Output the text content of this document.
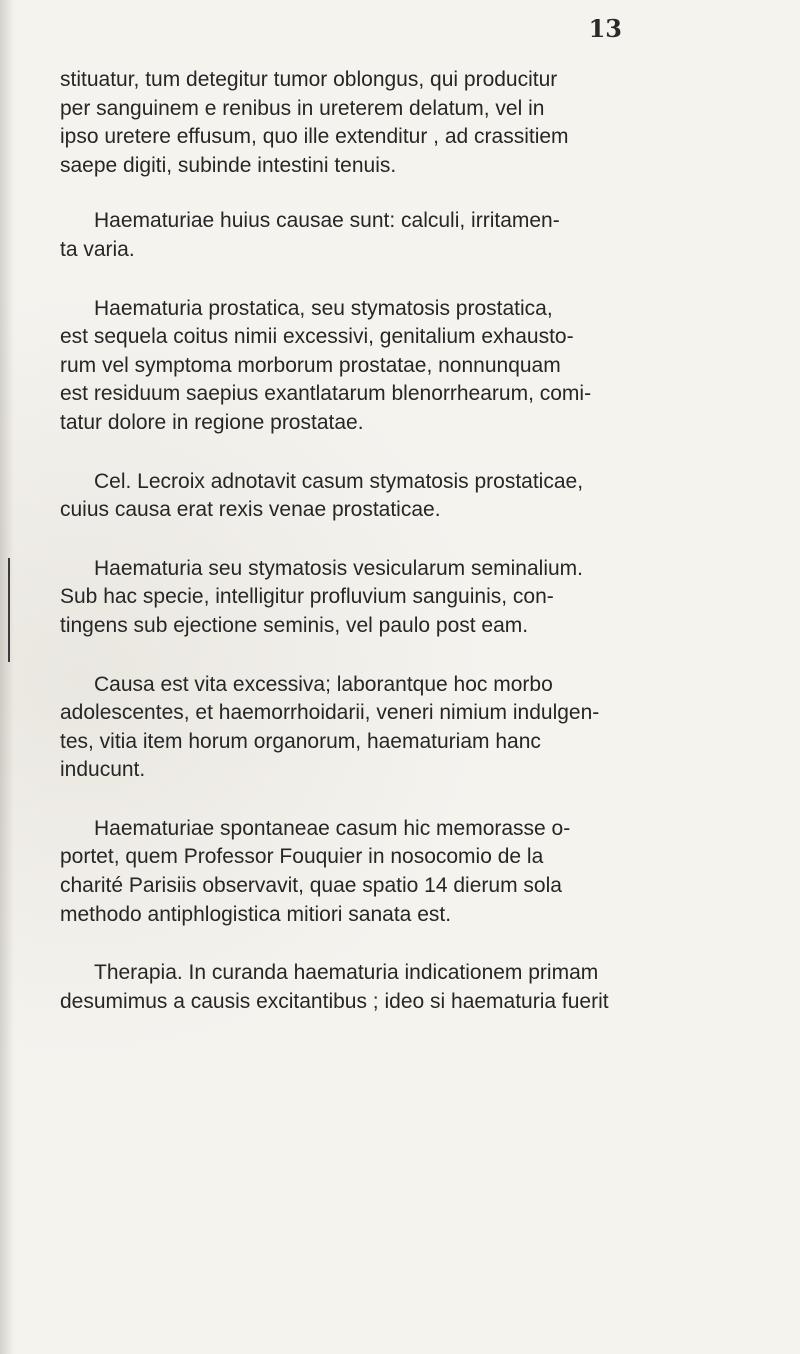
13

stituatur, tum detegitur tumor oblongus, qui producitur
per sanguinem e renibus in ureterem delatum, vel in
ipso uretere effusum, quo ille extenditur , ad crassitiem
saepe digiti, subinde intestini tenuis.

Haematuriae huius causae sunt: calculi, irritamen-
ta varia.

Haematuria prostatica, seu stymatosis prostatica,
est sequela coitus nimii excessivi, genitalium exhausto-
rum vel symptoma morborum prostatae, nonnunquam
est residuum saepius exantlatarum blenorrhearum, comi-
tatur dolore in regione prostatae.

Cel. Lecroix adnotavit casum stymatosis prostaticae,
cuius causa erat rexis venae prostaticae.

Haematuria seu stymatosis vesicularum seminalium.
Sub hac specie, intelligitur profluvium sanguinis, con-
tingens sub ejectione seminis, vel paulo post eam.

Causa est vita excessiva; laborantque hoc morbo
adolescentes, et haemorrhoidarii, veneri nimium indulgen-
tes, vitia item horum organorum, haematuriam hanc
inducunt.

Haematuriae spontaneae casum hic memorasse o-
portet, quem Professor Fouquier in nosocomio de la
charité Parisiis observavit, quae spatio 14 dierum sola
methodo antiphlogistica mitiori sanata est.

Therapia. In curanda haematuria indicationem primam
desumimus a causis excitantibus ; ideo si haematuria fuerit
